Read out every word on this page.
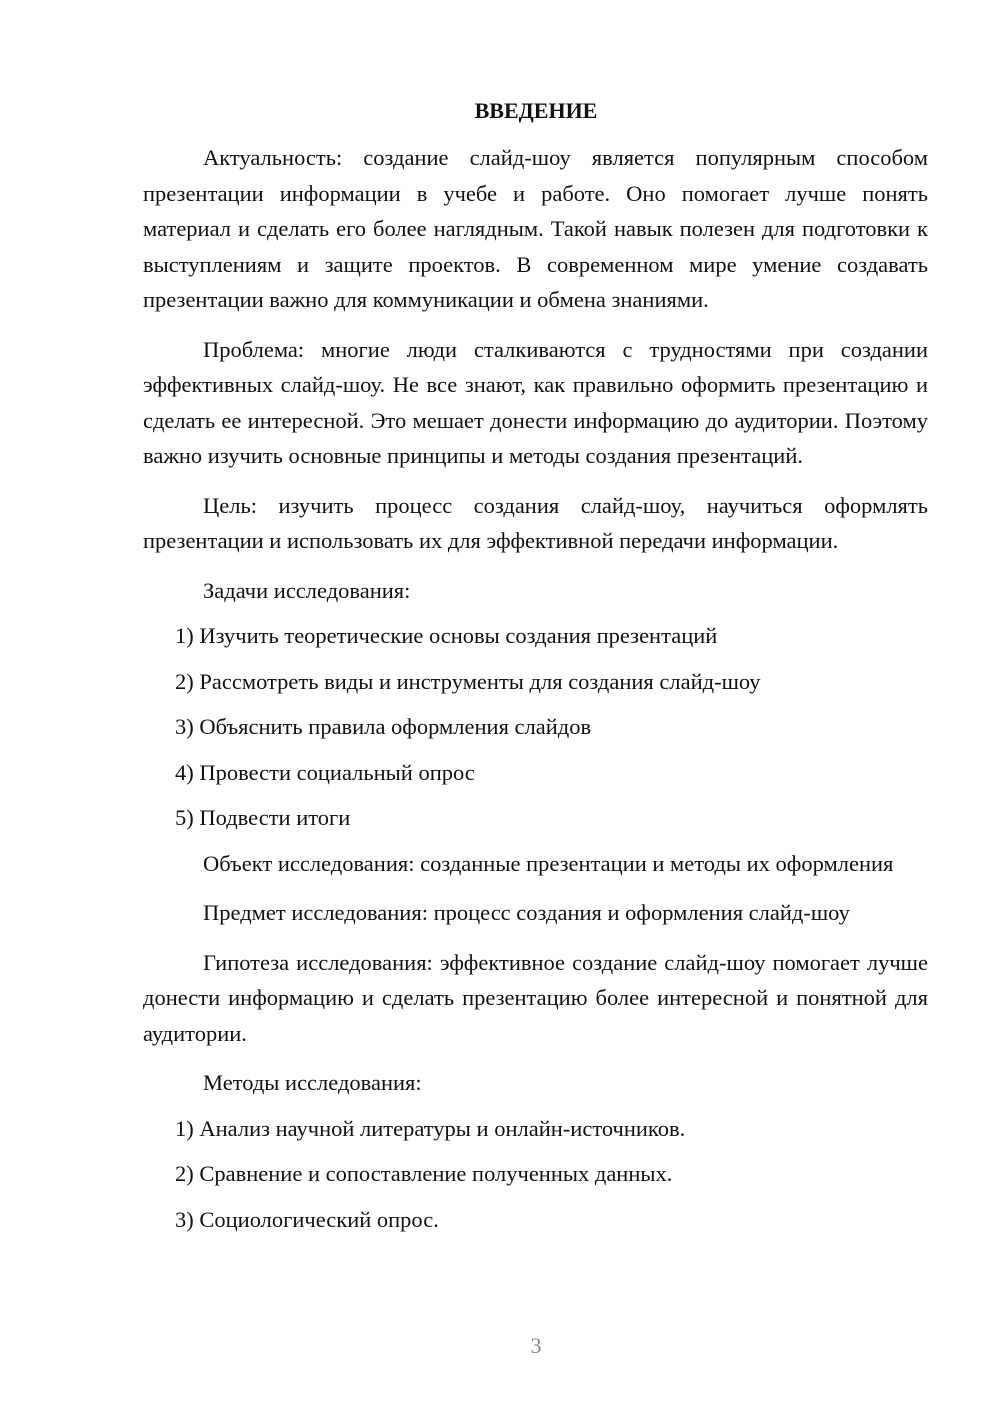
ВВЕДЕНИЕ

Актуальность: создание слайд-шоу является популярным способом презентации информации в учебе и работе. Оно помогает лучше понять материал и сделать его более наглядным. Такой навык полезен для подготовки к выступлениям и защите проектов. В современном мире умение создавать презентации важно для коммуникации и обмена знаниями.

Проблема: многие люди сталкиваются с трудностями при создании эффективных слайд-шоу. Не все знают, как правильно оформить презентацию и сделать ее интересной. Это мешает донести информацию до аудитории. Поэтому важно изучить основные принципы и методы создания презентаций.

Цель: изучить процесс создания слайд-шоу, научиться оформлять презентации и использовать их для эффективной передачи информации.

Задачи исследования:

1) Изучить теоретические основы создания презентаций

2) Рассмотреть виды и инструменты для создания слайд-шоу

3) Объяснить правила оформления слайдов

4) Провести социальный опрос

5) Подвести итоги

Объект исследования: созданные презентации и методы их оформления

Предмет исследования: процесс создания и оформления слайд-шоу

Гипотеза исследования: эффективное создание слайд-шоу помогает лучше донести информацию и сделать презентацию более интересной и понятной для аудитории.

Методы исследования:

1) Анализ научной литературы и онлайн-источников.

2) Сравнение и сопоставление полученных данных.

3) Социологический опрос.

3
